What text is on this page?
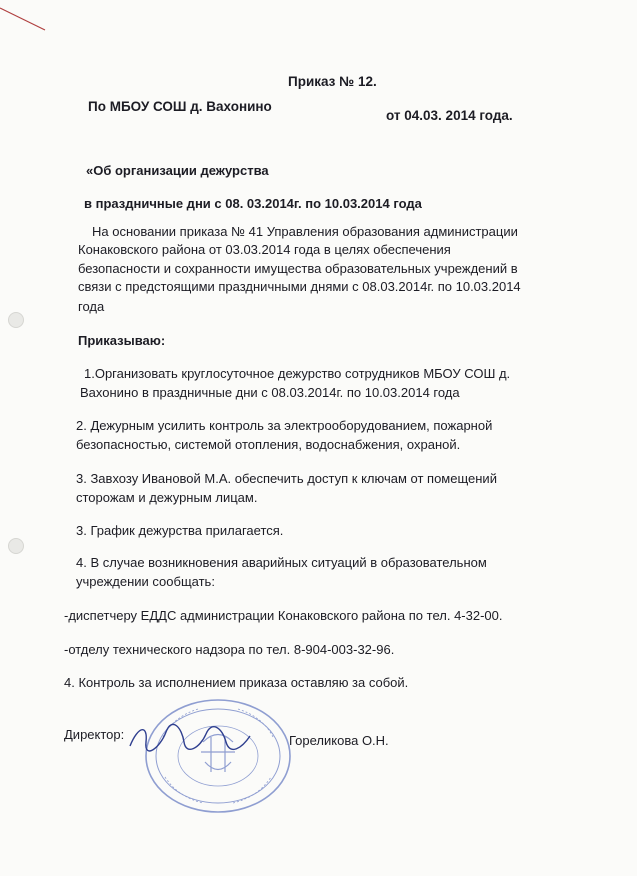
Приказ № 12.
По МБОУ СОШ д. Вахонино
от 04.03. 2014 года.
«Об организации дежурства
в праздничные дни с 08. 03.2014г. по 10.03.2014 года
На основании приказа № 41 Управления образования администрации
Конаковского района от 03.03.2014 года в целях обеспечения
безопасности и сохранности имущества образовательных учреждений в
связи с предстоящими праздничными днями с 08.03.2014г. по 10.03.2014
года
Приказываю:
1.Организовать круглосуточное дежурство сотрудников МБОУ СОШ д.
Вахонино в праздничные дни с 08.03.2014г. по 10.03.2014 года
2. Дежурным усилить контроль за электрооборудованием, пожарной
безопасностью, системой отопления, водоснабжения, охраной.
3. Завхозу Ивановой М.А. обеспечить доступ к ключам от помещений
сторожам и дежурным лицам.
3. График дежурства прилагается.
4. В случае возникновения аварийных ситуаций в образовательном
учреждении сообщать:
-диспетчеру ЕДДС администрации Конаковского района по тел. 4-32-00.
-отделу технического надзора по тел. 8-904-003-32-96.
4. Контроль за исполнением приказа оставляю за собой.
Директор:	Гореликова О.Н.
